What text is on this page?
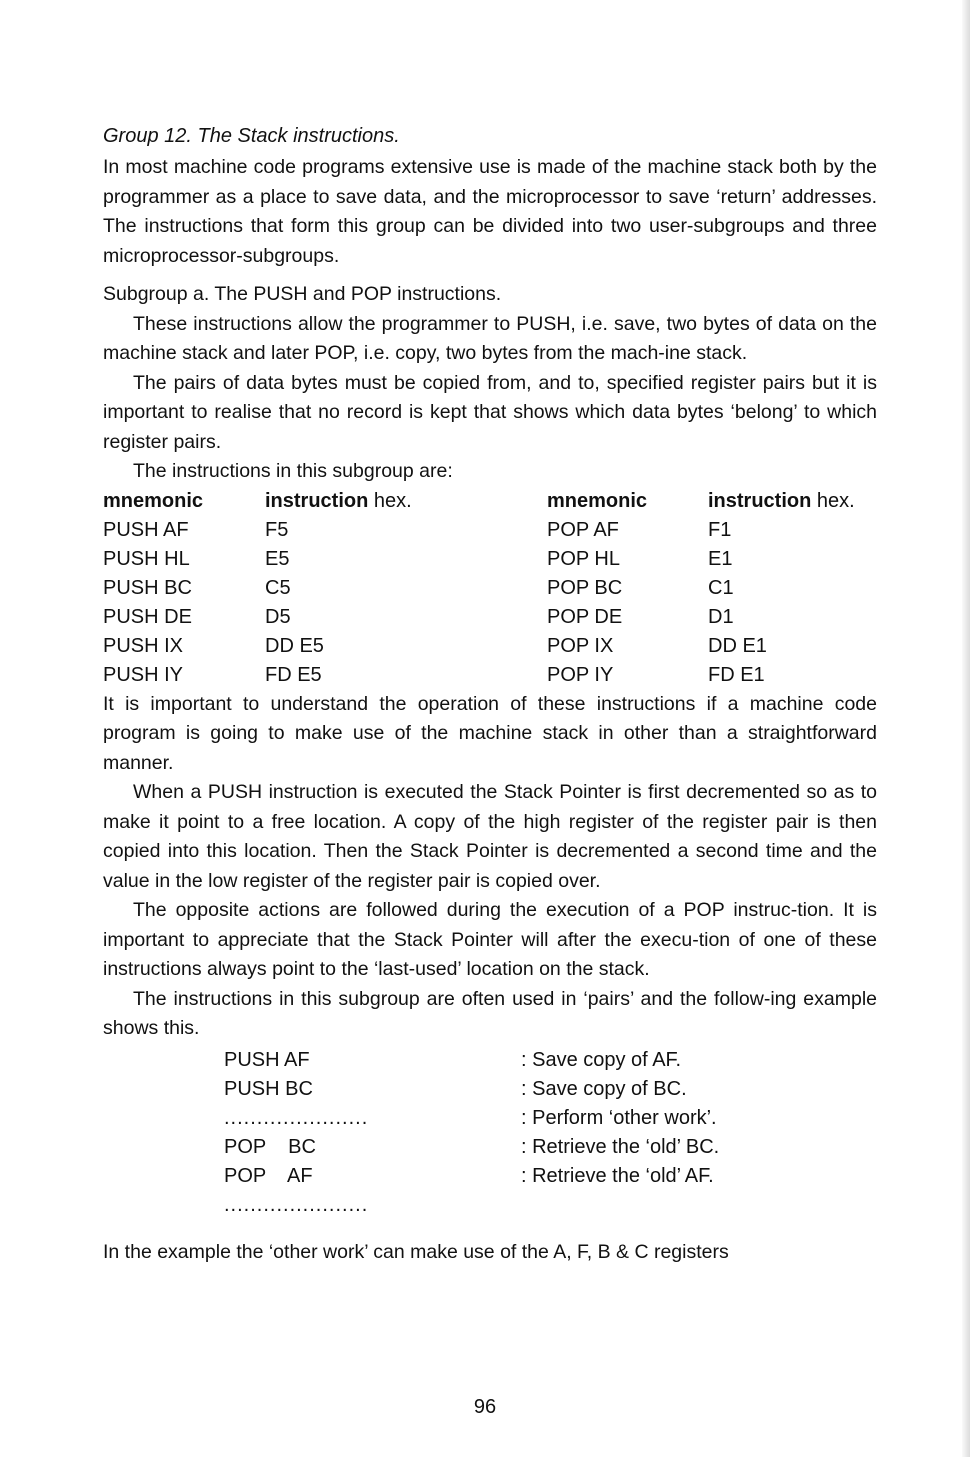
Group 12. The Stack instructions.

In most machine code programs extensive use is made of the machine stack both by the programmer as a place to save data, and the microprocessor to save ‘return’ addresses. The instructions that form this group can be divided into two user-subgroups and three microprocessor-subgroups.

Subgroup a. The PUSH and POP instructions.

These instructions allow the programmer to PUSH, i.e. save, two bytes of data on the machine stack and later POP, i.e. copy, two bytes from the mach-ine stack.

The pairs of data bytes must be copied from, and to, specified register pairs but it is important to realise that no record is kept that shows which data bytes ‘belong’ to which register pairs.

The instructions in this subgroup are:

mnemonic	instruction hex.	mnemonic	instruction hex.
PUSH AF	F5	POP AF	F1
PUSH HL	E5	POP HL	E1
PUSH BC	C5	POP BC	C1
PUSH DE	D5	POP DE	D1
PUSH IX	DD E5	POP IX	DD E1
PUSH IY	FD E5	POP IY	FD E1

It is important to understand the operation of these instructions if a machine code program is going to make use of the machine stack in other than a straightforward manner.

When a PUSH instruction is executed the Stack Pointer is first decremented so as to make it point to a free location. A copy of the high register of the register pair is then copied into this location. Then the Stack Pointer is decremented a second time and the value in the low register of the register pair is copied over.

The opposite actions are followed during the execution of a POP instruc-tion. It is important to appreciate that the Stack Pointer will after the execu-tion of one of these instructions always point to the ‘last-used’ location on the stack.

The instructions in this subgroup are often used in ‘pairs’ and the follow-ing example shows this.

PUSH AF	: Save copy of AF.
PUSH BC	: Save copy of BC.
......................	: Perform ‘other work’.
POP    BC	: Retrieve the ‘old’ BC.
POP    AF	: Retrieve the ‘old’ AF.
......................

In the example the ‘other work’ can make use of the A, F, B & C registers

96
